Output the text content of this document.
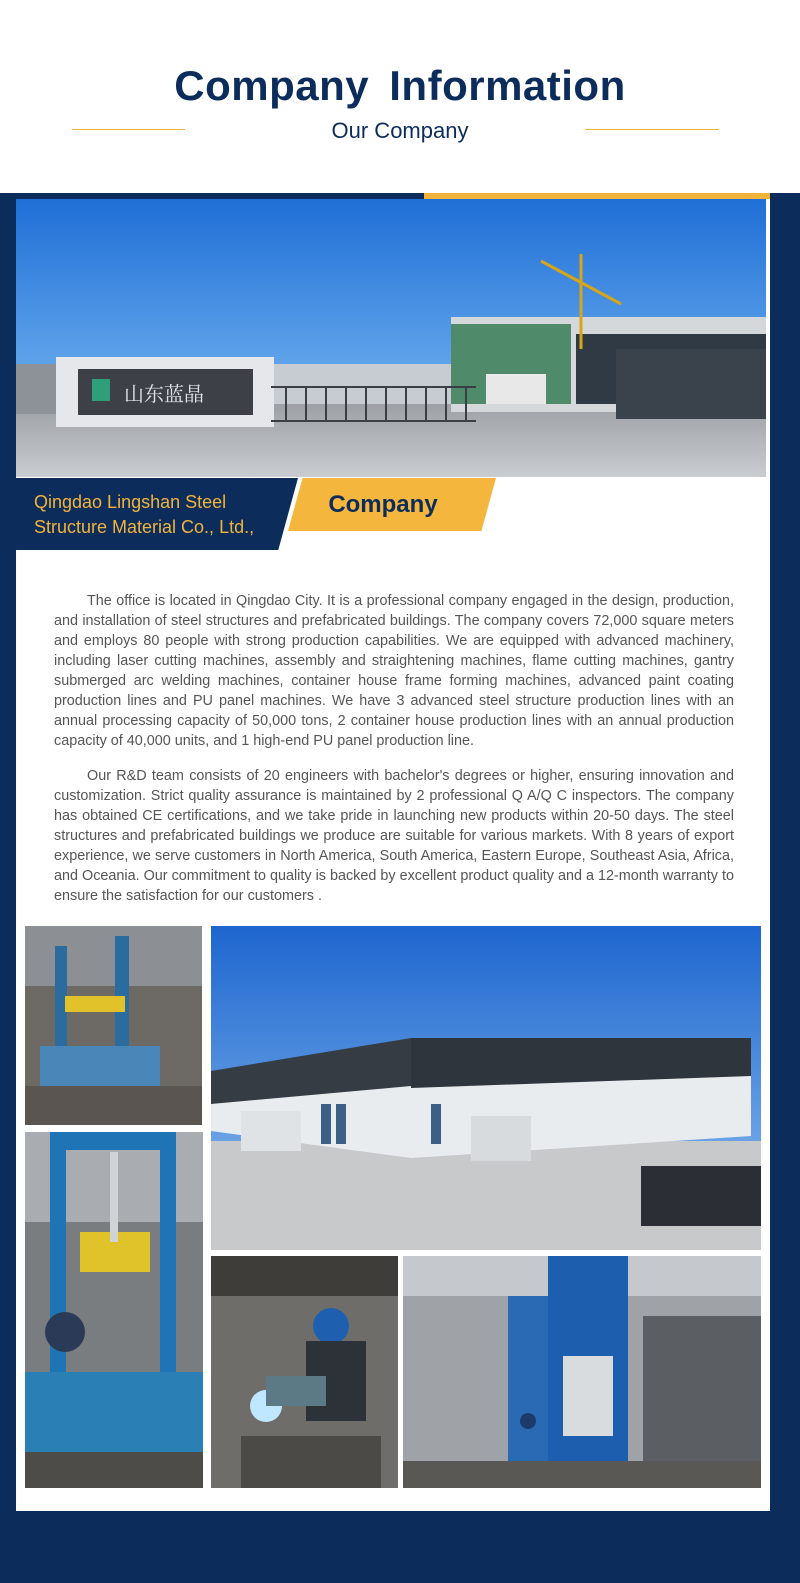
Company Information
Our Company
山东蓝晶
Qingdao Lingshan Steel
Structure Material Co., Ltd.,
Company

The office is located in Qingdao City. It is a professional company engaged in the design, production, and installation of steel structures and prefabricated buildings. The company covers 72,000 square meters and employs 80 people with strong production capabilities. We are equipped with advanced machinery, including laser cutting machines, assembly and straightening machines, flame cutting machines, gantry submerged arc welding machines, container house frame forming machines, advanced paint coating production lines and PU panel machines. We have 3 advanced steel structure production lines with an annual processing capacity of 50,000 tons, 2 container house production lines with an annual production capacity of 40,000 units, and 1 high-end PU panel production line.

Our R&D team consists of 20 engineers with bachelor's degrees or higher, ensuring innovation and customization. Strict quality assurance is maintained by 2 professional Q A/Q C inspectors. The company has obtained CE certifications, and we take pride in launching new products within 20-50 days. The steel structures and prefabricated buildings we produce are suitable for various markets. With 8 years of export experience, we serve customers in North America, South America, Eastern Europe, Southeast Asia, Africa, and Oceania. Our commitment to quality is backed by excellent product quality and a 12-month warranty to ensure the satisfaction for our customers .
